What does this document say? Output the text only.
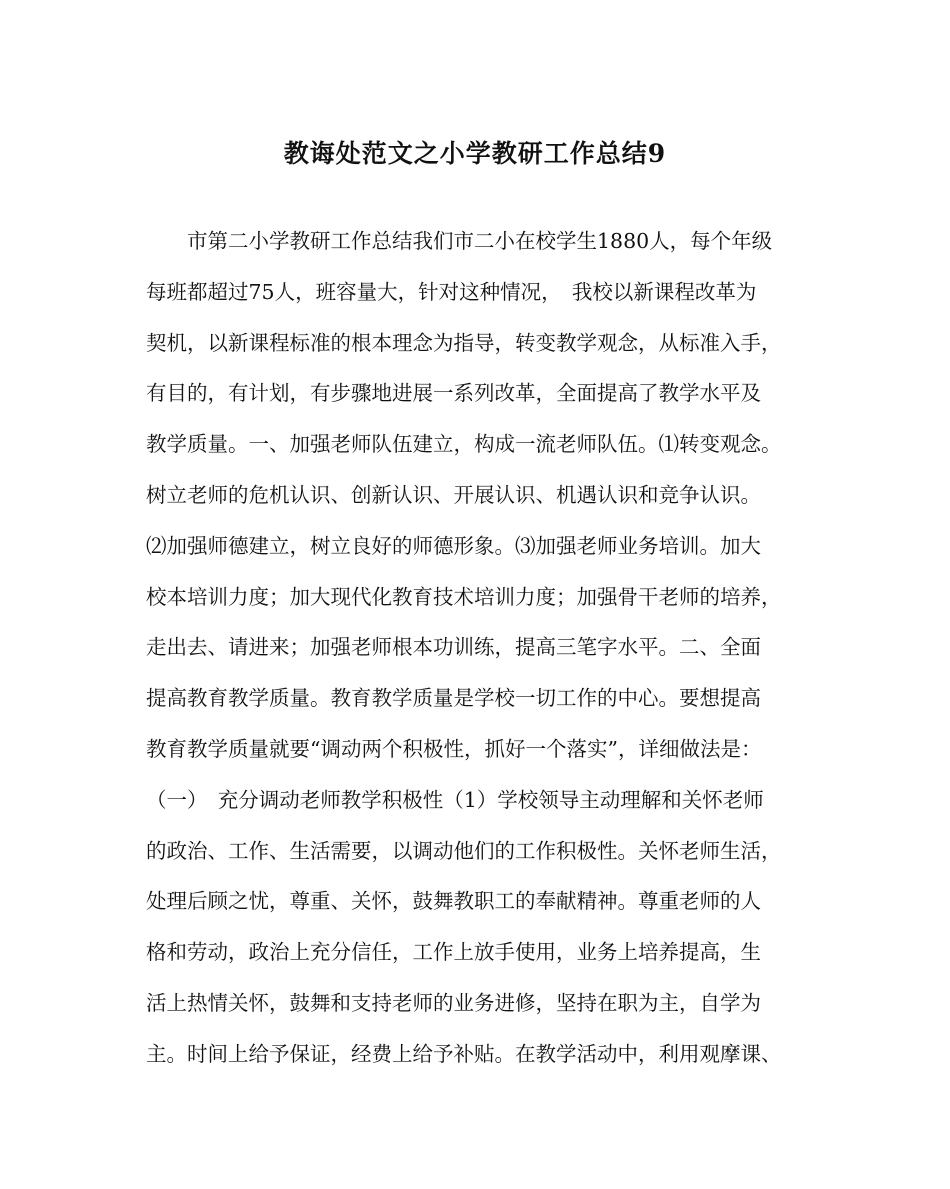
教诲处范文之小学教研工作总结9
　　市第二小学教研工作总结我们市二小在校学生1880人，每个年级
每班都超过75人，班容量大，针对这种情况，　我校以新课程改革为
契机，以新课程标准的根本理念为指导，转变教学观念，从标准入手，
有目的，有计划，有步骤地进展一系列改革，全面提高了教学水平及
教学质量。一、加强老师队伍建立，构成一流老师队伍。⑴转变观念。
树立老师的危机认识、创新认识、开展认识、机遇认识和竞争认识。
⑵加强师德建立，树立良好的师德形象。⑶加强老师业务培训。加大
校本培训力度；加大现代化教育技术培训力度；加强骨干老师的培养，
走出去、请进来；加强老师根本功训练，提高三笔字水平。二、全面
提高教育教学质量。教育教学质量是学校一切工作的中心。要想提高
教育教学质量就要“调动两个积极性，抓好一个落实”，详细做法是：
（一）　充分调动老师教学积极性（1）学校领导主动理解和关怀老师
的政治、工作、生活需要，以调动他们的工作积极性。关怀老师生活，
处理后顾之忧，尊重、关怀，鼓舞教职工的奉献精神。尊重老师的人
格和劳动，政治上充分信任，工作上放手使用，业务上培养提高，生
活上热情关怀，鼓舞和支持老师的业务进修，坚持在职为主，自学为
主。时间上给予保证，经费上给予补贴。在教学活动中，利用观摩课、
